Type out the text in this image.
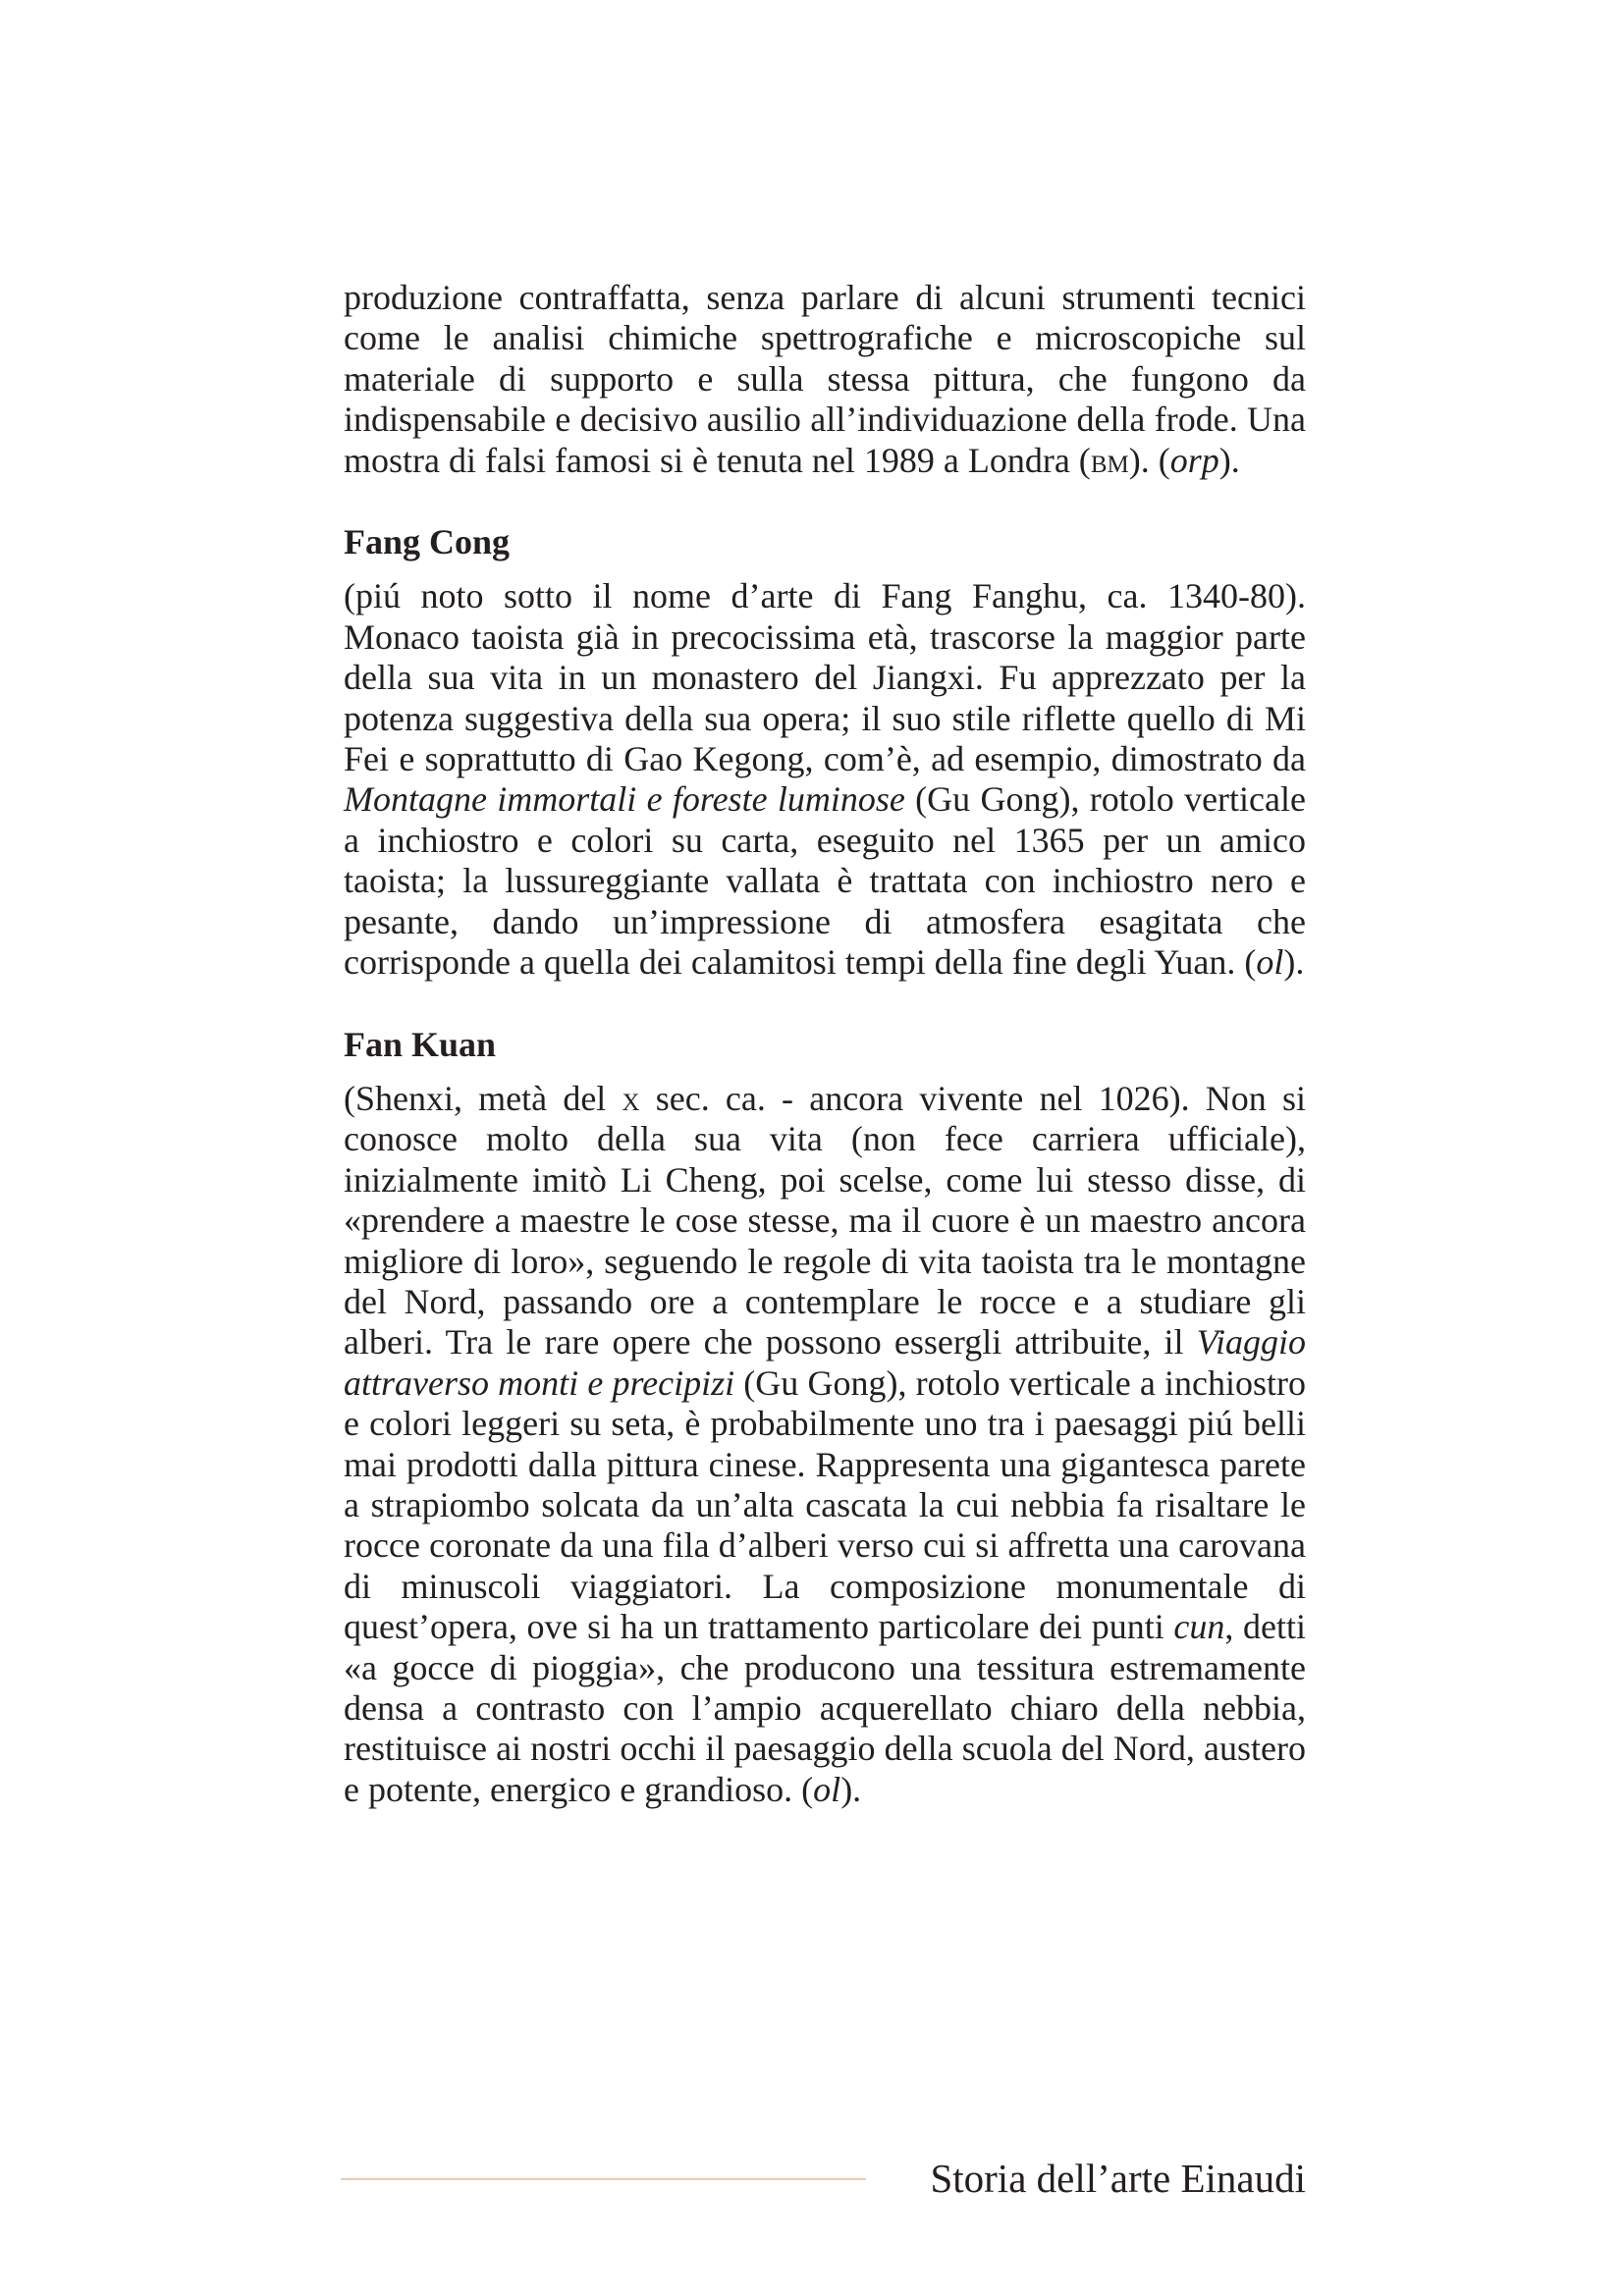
produzione contraffatta, senza parlare di alcuni strumenti tecnici come le analisi chimiche spettrografiche e microscopiche sul materiale di supporto e sulla stessa pittura, che fungono da indispensabile e decisivo ausilio all’individuazione della frode. Una mostra di falsi famosi si è tenuta nel 1989 a Londra (bm). (orp).

Fang Cong

(piú noto sotto il nome d’arte di Fang Fanghu, ca. 1340-80). Monaco taoista già in precocissima età, trascorse la maggior parte della sua vita in un monastero del Jiangxi. Fu apprezzato per la potenza suggestiva della sua opera; il suo stile riflette quello di Mi Fei e soprattutto di Gao Kegong, com’è, ad esempio, dimostrato da Montagne immortali e foreste luminose (Gu Gong), rotolo verticale a inchiostro e colori su carta, eseguito nel 1365 per un amico taoista; la lussureggiante vallata è trattata con inchiostro nero e pesante, dando un’impressione di atmosfera esagitata che corrisponde a quella dei calamitosi tempi della fine degli Yuan. (ol).

Fan Kuan

(Shenxi, metà del x sec. ca. - ancora vivente nel 1026). Non si conosce molto della sua vita (non fece carriera ufficiale), inizialmente imitò Li Cheng, poi scelse, come lui stesso disse, di «prendere a maestre le cose stesse, ma il cuore è un maestro ancora migliore di loro», seguendo le regole di vita taoista tra le montagne del Nord, passando ore a contemplare le rocce e a studiare gli alberi. Tra le rare opere che possono essergli attribuite, il Viaggio attraverso monti e precipizi (Gu Gong), rotolo verticale a inchiostro e colori leggeri su seta, è probabilmente uno tra i paesaggi piú belli mai prodotti dalla pittura cinese. Rappresenta una gigantesca parete a strapiombo solcata da un’alta cascata la cui nebbia fa risaltare le rocce coronate da una fila d’alberi verso cui si affretta una carovana di minuscoli viaggiatori. La composizione monumentale di quest’opera, ove si ha un trattamento particolare dei punti cun, detti «a gocce di pioggia», che producono una tessitura estremamente densa a contrasto con l’ampio acquerellato chiaro della nebbia, restituisce ai nostri occhi il paesaggio della scuola del Nord, austero e potente, energico e grandioso. (ol).

Storia dell’arte Einaudi
